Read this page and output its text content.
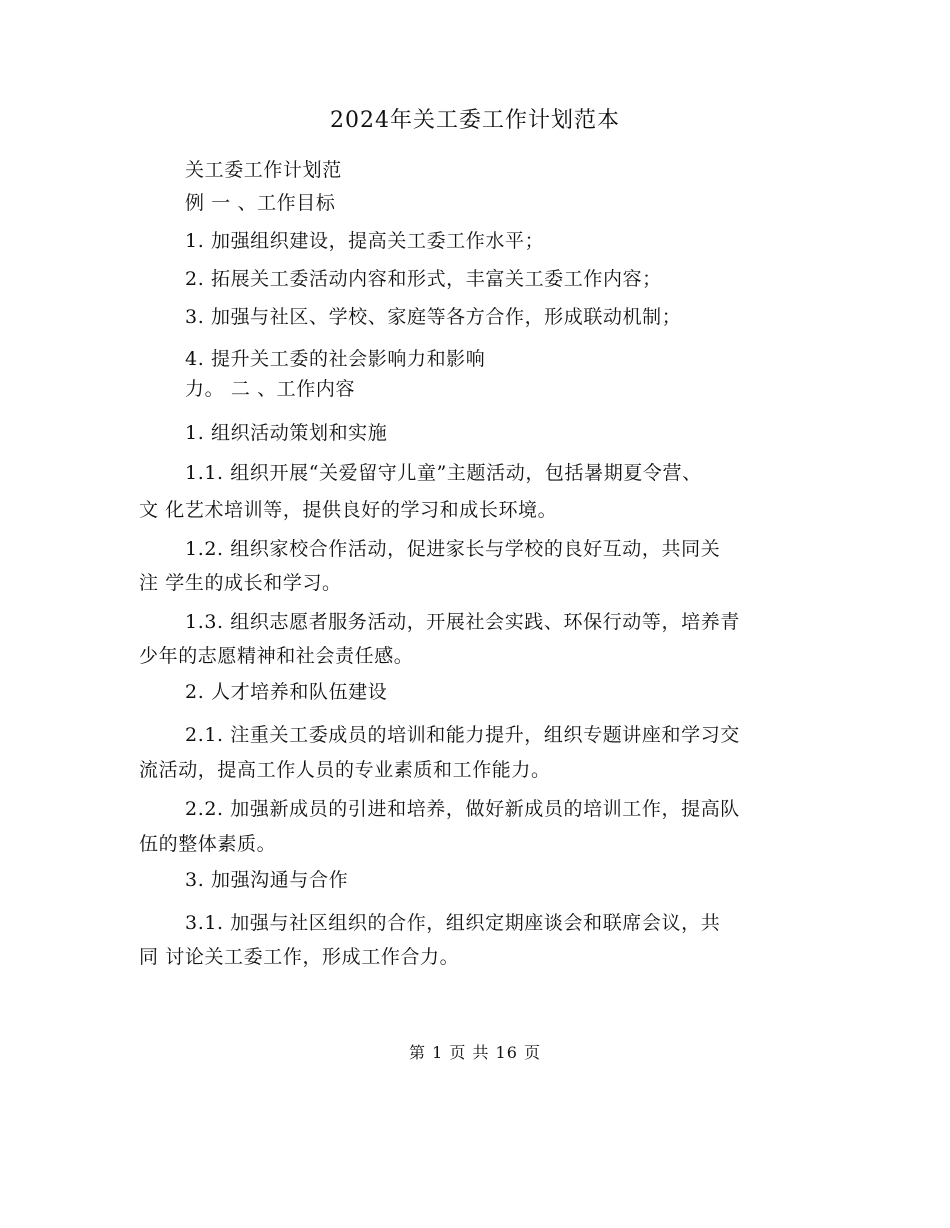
2024年关工委工作计划范本
关工委工作计划范
例 一 、工作目标
1. 加强组织建设，提高关工委工作水平；
2. 拓展关工委活动内容和形式，丰富关工委工作内容；
3. 加强与社区、学校、家庭等各方合作，形成联动机制；
4. 提升关工委的社会影响力和影响
力。 二 、工作内容
1. 组织活动策划和实施
1.1. 组织开展“关爱留守儿童”主题活动，包括暑期夏令营、
文 化艺术培训等，提供良好的学习和成长环境。
1.2. 组织家校合作活动，促进家长与学校的良好互动，共同关
注 学生的成长和学习。
1.3. 组织志愿者服务活动，开展社会实践、环保行动等，培养青
少年的志愿精神和社会责任感。
2. 人才培养和队伍建设
2.1. 注重关工委成员的培训和能力提升，组织专题讲座和学习交
流活动，提高工作人员的专业素质和工作能力。
2.2. 加强新成员的引进和培养，做好新成员的培训工作，提高队
伍的整体素质。
3. 加强沟通与合作
3.1. 加强与社区组织的合作，组织定期座谈会和联席会议，共
同 讨论关工委工作，形成工作合力。
第 1 页 共 16 页
